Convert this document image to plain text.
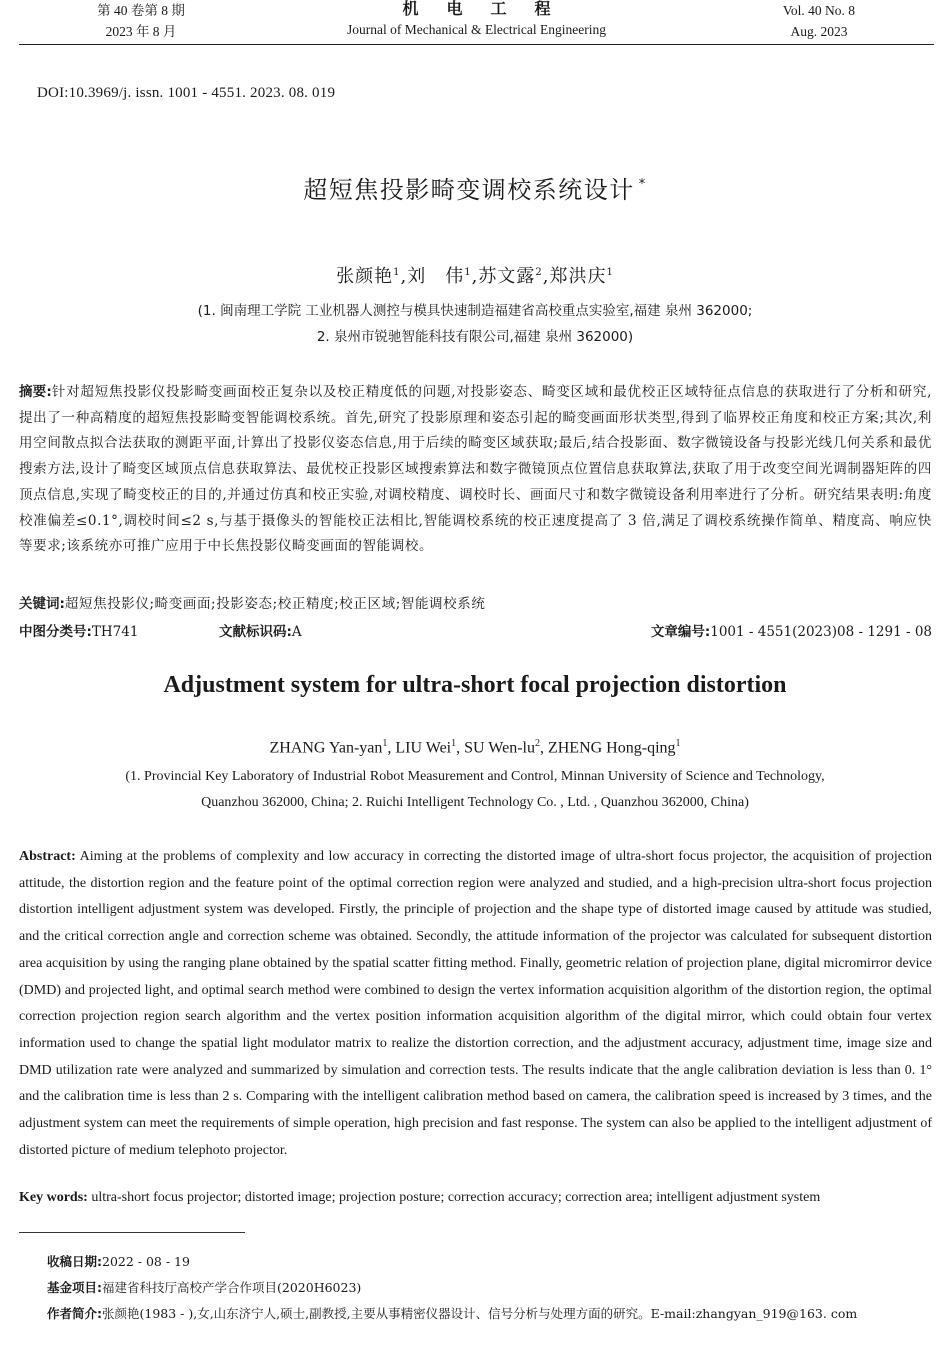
第 40 卷第 8 期
2023 年 8 月
机电工程
Journal of Mechanical & Electrical Engineering
Vol. 40 No. 8
Aug. 2023
DOI:10.3969/j. issn. 1001 - 4551. 2023. 08. 019
超短焦投影畸变调校系统设计 *
张颜艳$^1$,刘　伟$^1$,苏文露$^2$,郑洪庆$^1$
(1. 闽南理工学院 工业机器人测控与模具快速制造福建省高校重点实验室,福建 泉州 362000;
2. 泉州市锐驰智能科技有限公司,福建 泉州 362000)
摘要:针对超短焦投影仪投影畸变画面校正复杂以及校正精度低的问题,对投影姿态、畸变区域和最优校正区域特征点信息的获取进行了分析和研究,提出了一种高精度的超短焦投影畸变智能调校系统。首先,研究了投影原理和姿态引起的畸变画面形状类型,得到了临界校正角度和校正方案;其次,利用空间散点拟合法获取的测距平面,计算出了投影仪姿态信息,用于后续的畸变区域获取;最后,结合投影面、数字微镜设备与投影光线几何关系和最优搜索方法,设计了畸变区域顶点信息获取算法、最优校正投影区域搜索算法和数字微镜顶点位置信息获取算法,获取了用于改变空间光调制器矩阵的四顶点信息,实现了畸变校正的目的,并通过仿真和校正实验,对调校精度、调校时长、画面尺寸和数字微镜设备利用率进行了分析。研究结果表明:角度校准偏差≤0.1°,调校时间≤2 s,与基于摄像头的智能校正法相比,智能调校系统的校正速度提高了 3 倍,满足了调校系统操作简单、精度高、响应快等要求;该系统亦可推广应用于中长焦投影仪畸变画面的智能调校。
关键词:超短焦投影仪;畸变画面;投影姿态;校正精度;校正区域;智能调校系统
中图分类号:TH741	文献标识码:A	文章编号:1001 - 4551(2023)08 - 1291 - 08
Adjustment system for ultra-short focal projection distortion
ZHANG Yan-yan$^1$, LIU Wei$^1$, SU Wen-$lu^2$, ZHENG Hong-qing$^1$
(1. Provincial Key Laboratory of Industrial Robot Measurement and Control, Minnan University of Science and Technology,
Quanzhou 362000, China; 2. Ruichi Intelligent Technology Co. , Ltd. , Quanzhou 362000, China)
Abstract: Aiming at the problems of complexity and low accuracy in correcting the distorted image of ultra-short focus projector, the acquisition of projection attitude, the distortion region and the feature point of the optimal correction region were analyzed and studied, and a high-precision ultra-short focus projection distortion intelligent adjustment system was developed. Firstly, the principle of projection and the shape type of distorted image caused by attitude was studied, and the critical correction angle and correction scheme was obtained. Secondly, the attitude information of the projector was calculated for subsequent distortion area acquisition by using the ranging plane obtained by the spatial scatter fitting method. Finally, geometric relation of projection plane, digital micromirror device (DMD) and projected light, and optimal search method were combined to design the vertex information acquisition algorithm of the distortion region, the optimal correction projection region search algorithm and the vertex position information acquisition algorithm of the digital mirror, which could obtain four vertex information used to change the spatial light modulator matrix to realize the distortion correction, and the adjustment accuracy, adjustment time, image size and DMD utilization rate were analyzed and summarized by simulation and correction tests. The results indicate that the angle calibration deviation is less than 0. 1° and the calibration time is less than 2 s. Comparing with the intelligent calibration method based on camera, the calibration speed is increased by 3 times, and the adjustment system can meet the requirements of simple operation, high precision and fast response. The system can also be applied to the intelligent adjustment of distorted picture of medium telephoto projector.
Key words: ultra-short focus projector; distorted image; projection posture; correction accuracy; correction area; intelligent adjustment system
收稿日期:2022 - 08 - 19
基金项目:福建省科技厅高校产学合作项目(2020H6023)
作者简介:张颜艳(1983 - ),女,山东济宁人,硕士,副教授,主要从事精密仪器设计、信号分析与处理方面的研究。E-mail:zhangyan_919@163. com
